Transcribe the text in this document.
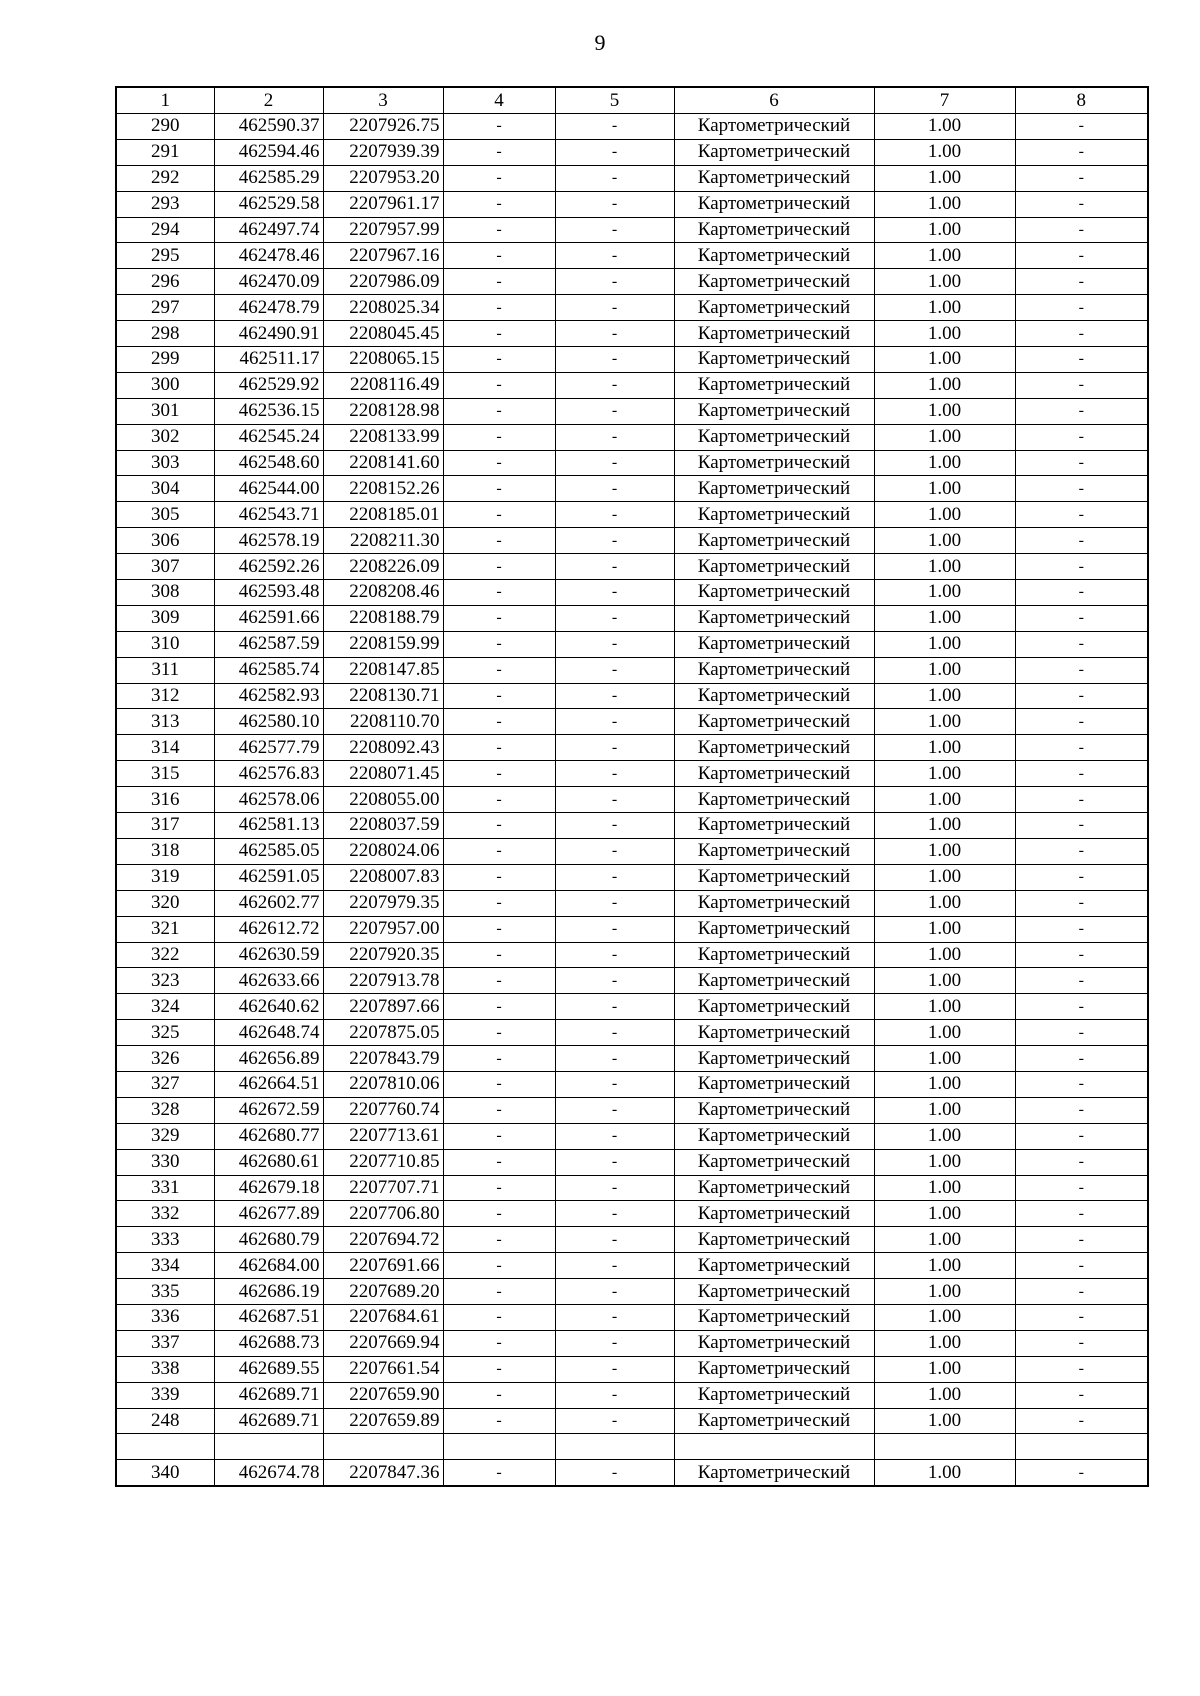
9
1	2	3	4	5	6	7	8
290	462590.37	2207926.75	-	-	Картометрический	1.00	-
291	462594.46	2207939.39	-	-	Картометрический	1.00	-
292	462585.29	2207953.20	-	-	Картометрический	1.00	-
293	462529.58	2207961.17	-	-	Картометрический	1.00	-
294	462497.74	2207957.99	-	-	Картометрический	1.00	-
295	462478.46	2207967.16	-	-	Картометрический	1.00	-
296	462470.09	2207986.09	-	-	Картометрический	1.00	-
297	462478.79	2208025.34	-	-	Картометрический	1.00	-
298	462490.91	2208045.45	-	-	Картометрический	1.00	-
299	462511.17	2208065.15	-	-	Картометрический	1.00	-
300	462529.92	2208116.49	-	-	Картометрический	1.00	-
301	462536.15	2208128.98	-	-	Картометрический	1.00	-
302	462545.24	2208133.99	-	-	Картометрический	1.00	-
303	462548.60	2208141.60	-	-	Картометрический	1.00	-
304	462544.00	2208152.26	-	-	Картометрический	1.00	-
305	462543.71	2208185.01	-	-	Картометрический	1.00	-
306	462578.19	2208211.30	-	-	Картометрический	1.00	-
307	462592.26	2208226.09	-	-	Картометрический	1.00	-
308	462593.48	2208208.46	-	-	Картометрический	1.00	-
309	462591.66	2208188.79	-	-	Картометрический	1.00	-
310	462587.59	2208159.99	-	-	Картометрический	1.00	-
311	462585.74	2208147.85	-	-	Картометрический	1.00	-
312	462582.93	2208130.71	-	-	Картометрический	1.00	-
313	462580.10	2208110.70	-	-	Картометрический	1.00	-
314	462577.79	2208092.43	-	-	Картометрический	1.00	-
315	462576.83	2208071.45	-	-	Картометрический	1.00	-
316	462578.06	2208055.00	-	-	Картометрический	1.00	-
317	462581.13	2208037.59	-	-	Картометрический	1.00	-
318	462585.05	2208024.06	-	-	Картометрический	1.00	-
319	462591.05	2208007.83	-	-	Картометрический	1.00	-
320	462602.77	2207979.35	-	-	Картометрический	1.00	-
321	462612.72	2207957.00	-	-	Картометрический	1.00	-
322	462630.59	2207920.35	-	-	Картометрический	1.00	-
323	462633.66	2207913.78	-	-	Картометрический	1.00	-
324	462640.62	2207897.66	-	-	Картометрический	1.00	-
325	462648.74	2207875.05	-	-	Картометрический	1.00	-
326	462656.89	2207843.79	-	-	Картометрический	1.00	-
327	462664.51	2207810.06	-	-	Картометрический	1.00	-
328	462672.59	2207760.74	-	-	Картометрический	1.00	-
329	462680.77	2207713.61	-	-	Картометрический	1.00	-
330	462680.61	2207710.85	-	-	Картометрический	1.00	-
331	462679.18	2207707.71	-	-	Картометрический	1.00	-
332	462677.89	2207706.80	-	-	Картометрический	1.00	-
333	462680.79	2207694.72	-	-	Картометрический	1.00	-
334	462684.00	2207691.66	-	-	Картометрический	1.00	-
335	462686.19	2207689.20	-	-	Картометрический	1.00	-
336	462687.51	2207684.61	-	-	Картометрический	1.00	-
337	462688.73	2207669.94	-	-	Картометрический	1.00	-
338	462689.55	2207661.54	-	-	Картометрический	1.00	-
339	462689.71	2207659.90	-	-	Картометрический	1.00	-
248	462689.71	2207659.89	-	-	Картометрический	1.00	-

340	462674.78	2207847.36	-	-	Картометрический	1.00	-
